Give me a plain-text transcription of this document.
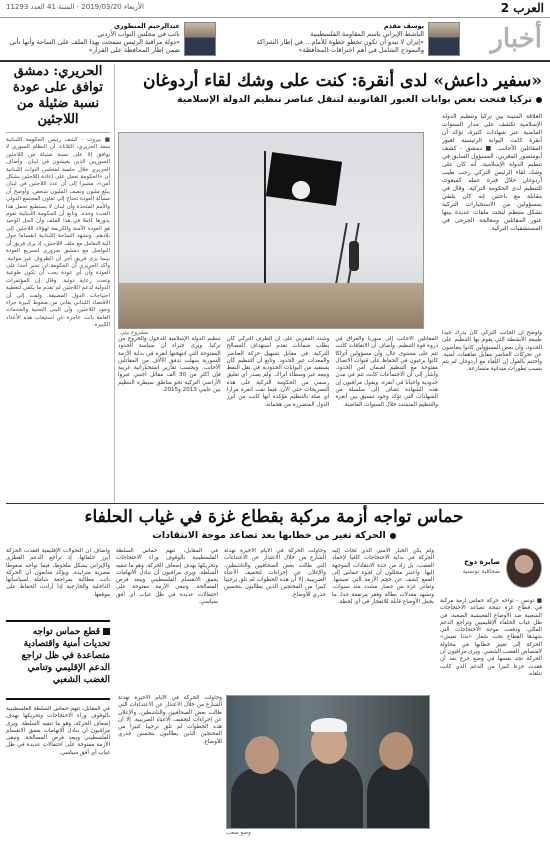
الأربعاء 2019/03/20 - السنة 41 العدد 11293	العرب 2
أخبار
يوسف مقدم
الناشط الإيراني باسم المقاومة الفلسطينية
«إيران لا تبدو أن تكون تخطو خطوة للأمام… في إطار الشراكة والنموذج الشامل في أهم اختراقات المحافظة»
عبدالرحيم المنظوري
نائب في مجلس النواب الأردني
«دولة مراقبة الرئيس سمحت بهذا الملف على الساحة وأنها تأتي ضمن إطار المحافظة على القرار»
الحريري: دمشق توافق على عودة نسبة ضئيلة من اللاجئين
■ بيروت - كشف رئيس الحكومة اللبنانية سعد الحريري، الثلاثاء، أن النظام السوري لا يوافق إلا على نسبة ضئيلة من اللاجئين السوريين الذين يعيشون في لبنان. وأضاف الحريري خلال جلسة لمجلس النواب اللبنانية أن «الحكومة تعمل على إعادة اللاجئين بشكل آمن»، مشيرا إلى أن عدد اللاجئين في لبنان يبلغ مليون ونصف المليون شخص. وأوضح أن مسألة العودة تحتاج إلى تعاون المجتمع الدولي والأمم المتحدة وأن لبنان لا يستطيع تحمل هذا العبء وحده. وتابع أن الحكومة اللبنانية تقوم بدورها كاملا في هذا الملف وأن الحل الوحيد هو العودة الآمنة والكريمة لهؤلاء اللاجئين إلى بلادهم. وتشهد الساحة اللبنانية انقساما حول آلية التعامل مع ملف اللاجئين، إذ يرى فريق أن التواصل مع دمشق ضروري لتسريع العودة بينما يرى فريق آخر أن الظروف غير مواتية. وأكد الحريري أن الحكومة لن تجبر أحدا على العودة وأن أي عودة يجب أن تكون طوعية وتحت رعاية دولية. وقال إن المؤتمرات الدولية لدعم اللاجئين لم تقدم ما يكفي لتغطية احتياجات الدول المضيفة. ولفت إلى أن الاقتصاد اللبناني يعاني من ضغوط كبيرة جراء وجود اللاجئين، وأن البنى التحتية والخدمات العامة باتت عاجزة عن استيعاب هذه الأعداد الكبيرة.
«سفير داعش» لدى أنقرة: كنت على وشك لقاء أردوغان
تركيا فتحت بعض بوابات العبور القانونية لتنقل عناصر تنظيم الدولة الإسلامية
العلاقة المتينة بين تركيا وتنظيم الدولة الإسلامية تكشف على مدار السنوات الماضية عبر شهادات كثيرة، تؤكد أن أنقرة كانت البوابة الرئيسية لعبور المقاتلين الأجانب. ■ دمشق - كشف أبومنصور المغربي، المسؤول السابق في تنظيم الدولة الإسلامية، أنه كان على وشك لقاء الرئيس التركي رجب طيب أردوغان خلال فترة عمله كمبعوث للتنظيم لدى الحكومة التركية. وقال في مقابلة مع باحثين إنه كان يلتقي بمسؤولين من الاستخبارات التركية بشكل منتظم لبحث ملفات عديدة بينها عبور المقاتلين ومعالجة الجرحى في المستشفيات التركية.
مشروع بيئي
المقاتلين الأجانب إلى سوريا والعراق في ذروة قوة التنظيم. وأضاف أن الاتفاقات كانت تتم على مستوى عال، وأن مسؤولين أتراكا كانوا يرغبون في الحفاظ على قنوات الاتصال مفتوحة مع التنظيم لضمان أمن الحدود. وأشار إلى أن الاجتماعات كانت تتم في مدن حدودية وأحيانا في أنقرة. ويقول مراقبون إن هذه الشهادة تضاف إلى سلسلة من الشهادات التي تؤكد وجود تنسيق بين أنقرة والتنظيم المتشدد خلال السنوات الماضية.
وشدد المغربي على أن الطرف التركي كان يطلب ضمانات بعدم استهداف المصالح التركية، في مقابل تسهيل حركة العناصر والمعدات عبر الحدود. وتابع أن التنظيم كان يستفيد من البوابات الحدودية في نقل النفط وبيعه عبر وسطاء أتراك. ولم يصدر أي تعليق رسمي من الحكومة التركية على هذه التصريحات حتى الآن، فيما نفت أنقرة مرارا أي صلة بالتنظيم مؤكدة أنها كانت من أبرز الدول المتضررة من هجماته.
تنظيم الدولة الإسلامية للدخول والخروج من تركيا. ويرى خبراء أن سياسة الحدود المفتوحة التي انتهجتها أنقرة في بداية الأزمة السورية سهلت تدفق الآلاف من المقاتلين الأجانب. وبحسب تقارير استخباراتية غربية فإن أكثر من 30 ألف مقاتل أجنبي عبروا الأراضي التركية نحو مناطق سيطرة التنظيم بين عامي 2013 و2015.
وأوضح أن الجانب التركي كان يدرك جيدا طبيعة الأنشطة التي يقوم بها التنظيم على الحدود، وأن بعض المسؤولين كانوا يتغاضون عن تحركات العناصر مقابل تفاهمات أمنية. واختتم بالقول إن اللقاء مع أردوغان لم يتم بسبب تطورات ميدانية متسارعة.
حماس تواجه أزمة مركبة بقطاع غزة في غياب الحلفاء
الحركة تغير من خطابها بعد تصاعد موجة الانتقادات
صابرة دوح
صحافية تونسية
■ تونس - تواجه حركة حماس أزمة مركبة في قطاع غزة نتيجة تصاعد الاحتجاجات الشعبية ضد الأوضاع المعيشية الصعبة، في ظل غياب الحلفاء الإقليميين وتراجع الدعم المالي. ودفعت موجة الاحتجاجات التي شهدها القطاع تحت شعار «بدنا نعيش» الحركة إلى تغيير خطابها في محاولة لامتصاص الغضب الشعبي. ويرى مراقبون أن الحركة تجد نفسها في وضع حرج بعد أن فقدت جزءا كبيرا من الدعم الذي كانت تتلقاه.
ولم يكن الخيار الأمني الذي لجأت إليه الحركة في بداية الاحتجاجات كافيا لإخماد الغضب، بل زاد من حدة الانتقادات الموجهة إليها. واعتبر محللون أن لجوء حماس إلى القمع كشف عن حجم الأزمة التي تعيشها. وتعاني غزة من حصار مشدد منذ سنوات، وتشهد معدلات بطالة وفقر مرتفعة جدا، ما يجعل الأوضاع قابلة للانفجار في أي لحظة.
وحاولت الحركة في الأيام الأخيرة تهدئة الشارع من خلال الاعتذار عن الاعتداءات التي طالت بعض الصحافيين والناشطين، والإعلان عن إجراءات لتخفيف الأعباء الضريبية. إلا أن هذه الخطوات لم تلق ترحيبا كبيرا من المحتجين الذين يطالبون بتحسين جذري للأوضاع.
في المقابل، تتهم حماس السلطة الفلسطينية بالوقوف وراء الاحتجاجات وتحريكها بهدف إضعاف الحركة، وهو ما تنفيه السلطة. ويرى مراقبون أن تبادل الاتهامات يعمق الانقسام الفلسطيني ويبعد فرص المصالحة. وتبقى الأزمة مفتوحة على احتمالات عديدة في ظل غياب أي أفق سياسي.
وأضاف أن التحولات الإقليمية أفقدت الحركة أبرز حلفائها، إذ تراجع الدعم القطري والإيراني بشكل ملحوظ، فيما تواجه ضغوطا مصرية متزايدة. ويؤكد متابعون أن الحركة باتت مطالبة بمراجعة شاملة لسياساتها الداخلية والخارجية إذا أرادت الحفاظ على موقعها.
وضع صعب
وحاولت الحركة في الأيام الأخيرة تهدئة الشارع من خلال الاعتذار عن الاعتداءات التي طالت بعض الصحافيين والناشطين، والإعلان عن إجراءات لتخفيف الأعباء الضريبية. إلا أن هذه الخطوات لم تلق ترحيبا كبيرا من المحتجين الذين يطالبون بتحسين جذري للأوضاع.
قطع حماس تواجه تحديات أمنية واقتصادية متصاعدة في ظل تراجع الدعم الإقليمي وتنامي الغضب الشعبي
في المقابل، تتهم حماس السلطة الفلسطينية بالوقوف وراء الاحتجاجات وتحريكها بهدف إضعاف الحركة، وهو ما تنفيه السلطة. ويرى مراقبون أن تبادل الاتهامات يعمق الانقسام الفلسطيني ويبعد فرص المصالحة. وتبقى الأزمة مفتوحة على احتمالات عديدة في ظل غياب أي أفق سياسي.
